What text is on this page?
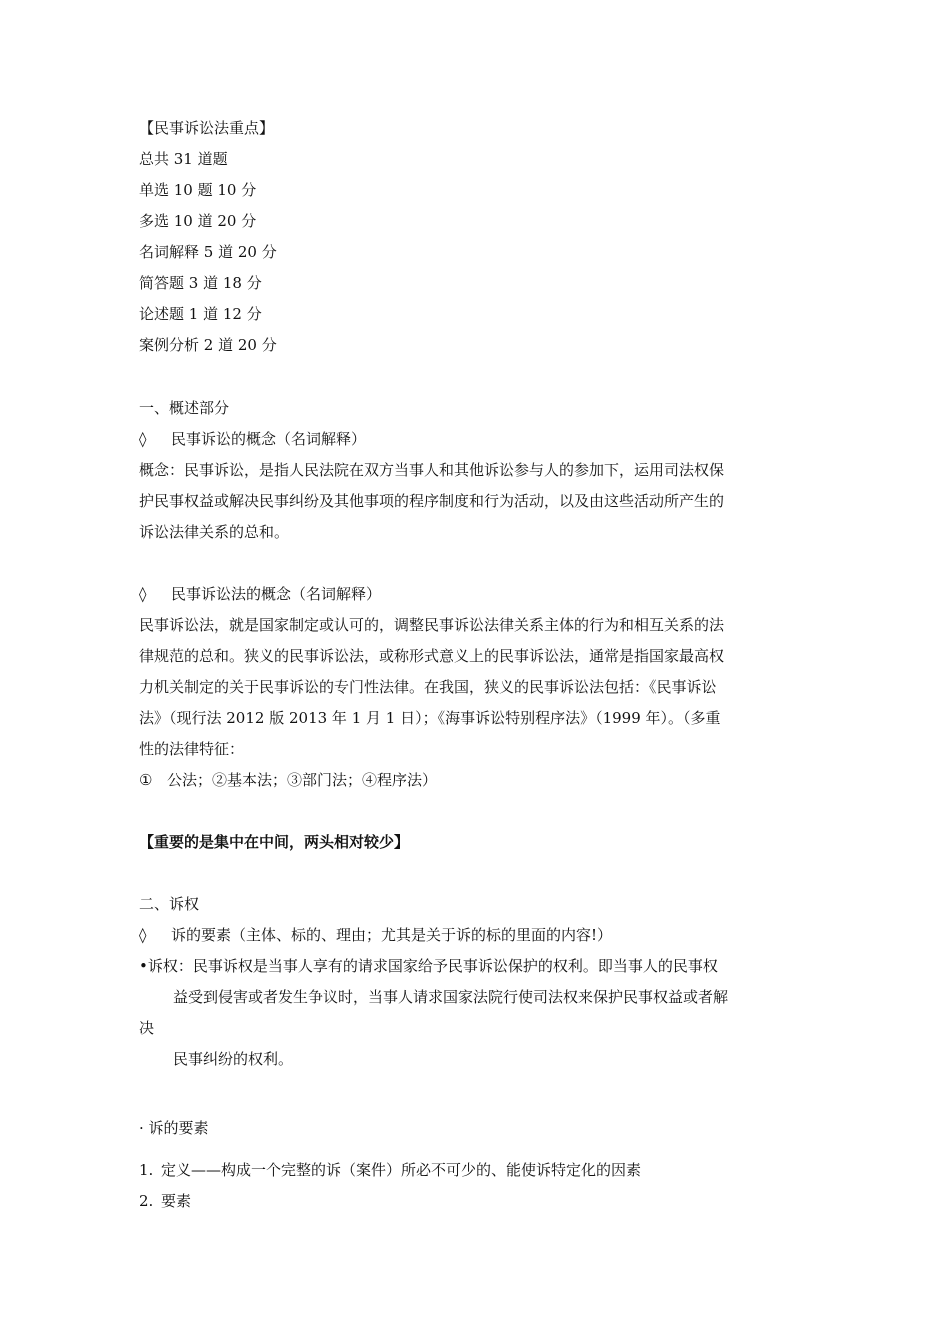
【民事诉讼法重点】
总共 31 道题
单选 10 题 10 分
多选 10 道 20 分
名词解释 5 道 20 分
简答题 3 道 18 分
论述题 1 道 12 分
案例分析 2 道 20 分
一、概述部分
◊ 民事诉讼的概念（名词解释）
概念：民事诉讼，是指人民法院在双方当事人和其他诉讼参与人的参加下，运用司法权保
护民事权益或解决民事纠纷及其他事项的程序制度和行为活动，以及由这些活动所产生的
诉讼法律关系的总和。
◊ 民事诉讼法的概念（名词解释）
民事诉讼法，就是国家制定或认可的，调整民事诉讼法律关系主体的行为和相互关系的法
律规范的总和。狭义的民事诉讼法，或称形式意义上的民事诉讼法，通常是指国家最高权
力机关制定的关于民事诉讼的专门性法律。在我国，狭义的民事诉讼法包括：《民事诉讼
法》（现行法 2012 版 2013 年 1 月 1 日）；《海事诉讼特别程序法》（1999 年）。（多重
性的法律特征：
① 公法；②基本法；③部门法；④程序法）
【重要的是集中在中间，两头相对较少】
二、诉权
◊ 诉的要素（主体、标的、理由；尤其是关于诉的标的里面的内容!）
•诉权：民事诉权是当事人享有的请求国家给予民事诉讼保护的权利。即当事人的民事权
益受到侵害或者发生争议时，当事人请求国家法院行使司法权来保护民事权益或者解
决
民事纠纷的权利。
· 诉的要素
1. 定义——构成一个完整的诉（案件）所必不可少的、能使诉特定化的因素
2. 要素
